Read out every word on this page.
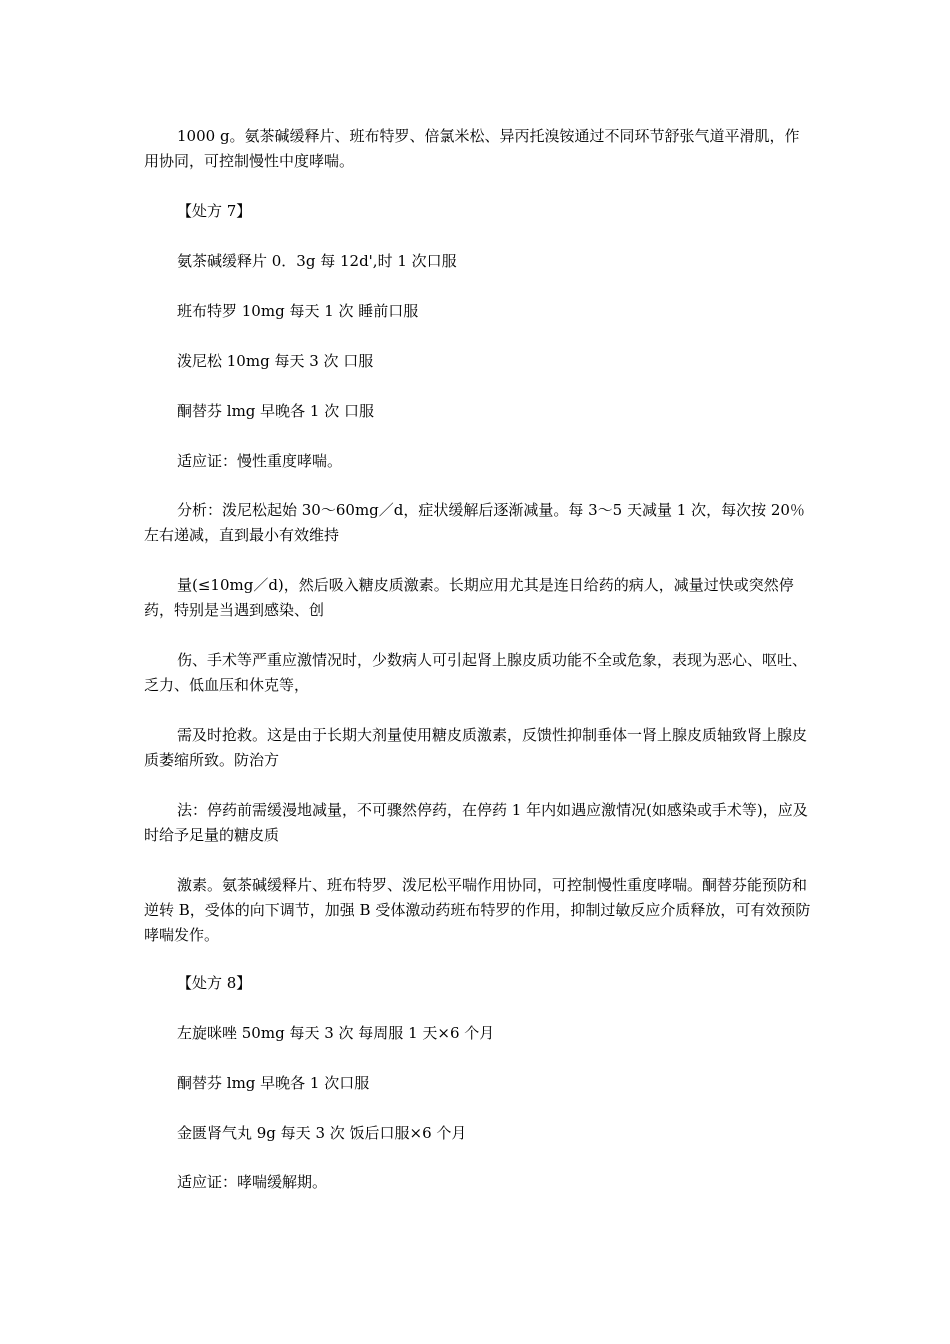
1000 g。氨茶碱缓释片、班布特罗、倍氯米松、异丙托溴铵通过不同环节舒张气道平滑肌，作用协同，可控制慢性中度哮喘。

【处方 7】

氨茶碱缓释片 0．3g 每 12d',时 1 次口服

班布特罗 10mg 每天 1 次 睡前口服

泼尼松 10mg 每天 3 次 口服

酮替芬 lmg 早晚各 1 次 口服

适应证：慢性重度哮喘。

分析：泼尼松起始 30～60mg／d，症状缓解后逐渐减量。每 3～5 天减量 1 次，每次按 20％左右递减，直到最小有效维持

量(≤10mg／d)，然后吸入糖皮质激素。长期应用尤其是连日给药的病人，减量过快或突然停药，特别是当遇到感染、创

伤、手术等严重应激情况时，少数病人可引起肾上腺皮质功能不全或危象，表现为恶心、呕吐、乏力、低血压和休克等，

需及时抢救。这是由于长期大剂量使用糖皮质激素，反馈性抑制垂体一肾上腺皮质轴致肾上腺皮质萎缩所致。防治方

法：停药前需缓漫地减量，不可骤然停药，在停药 1 年内如遇应激情况(如感染或手术等)，应及时给予足量的糖皮质

激素。氨茶碱缓释片、班布特罗、泼尼松平喘作用协同，可控制慢性重度哮喘。酮替芬能预防和逆转 B，受体的向下调节，加强 B 受体激动药班布特罗的作用，抑制过敏反应介质释放，可有效预防哮喘发作。

【处方 8】

左旋咪唑 50mg 每天 3 次 每周服 1 天×6 个月

酮替芬 lmg 早晚各 1 次口服

金匮肾气丸 9g 每天 3 次 饭后口服×6 个月

适应证：哮喘缓解期。
